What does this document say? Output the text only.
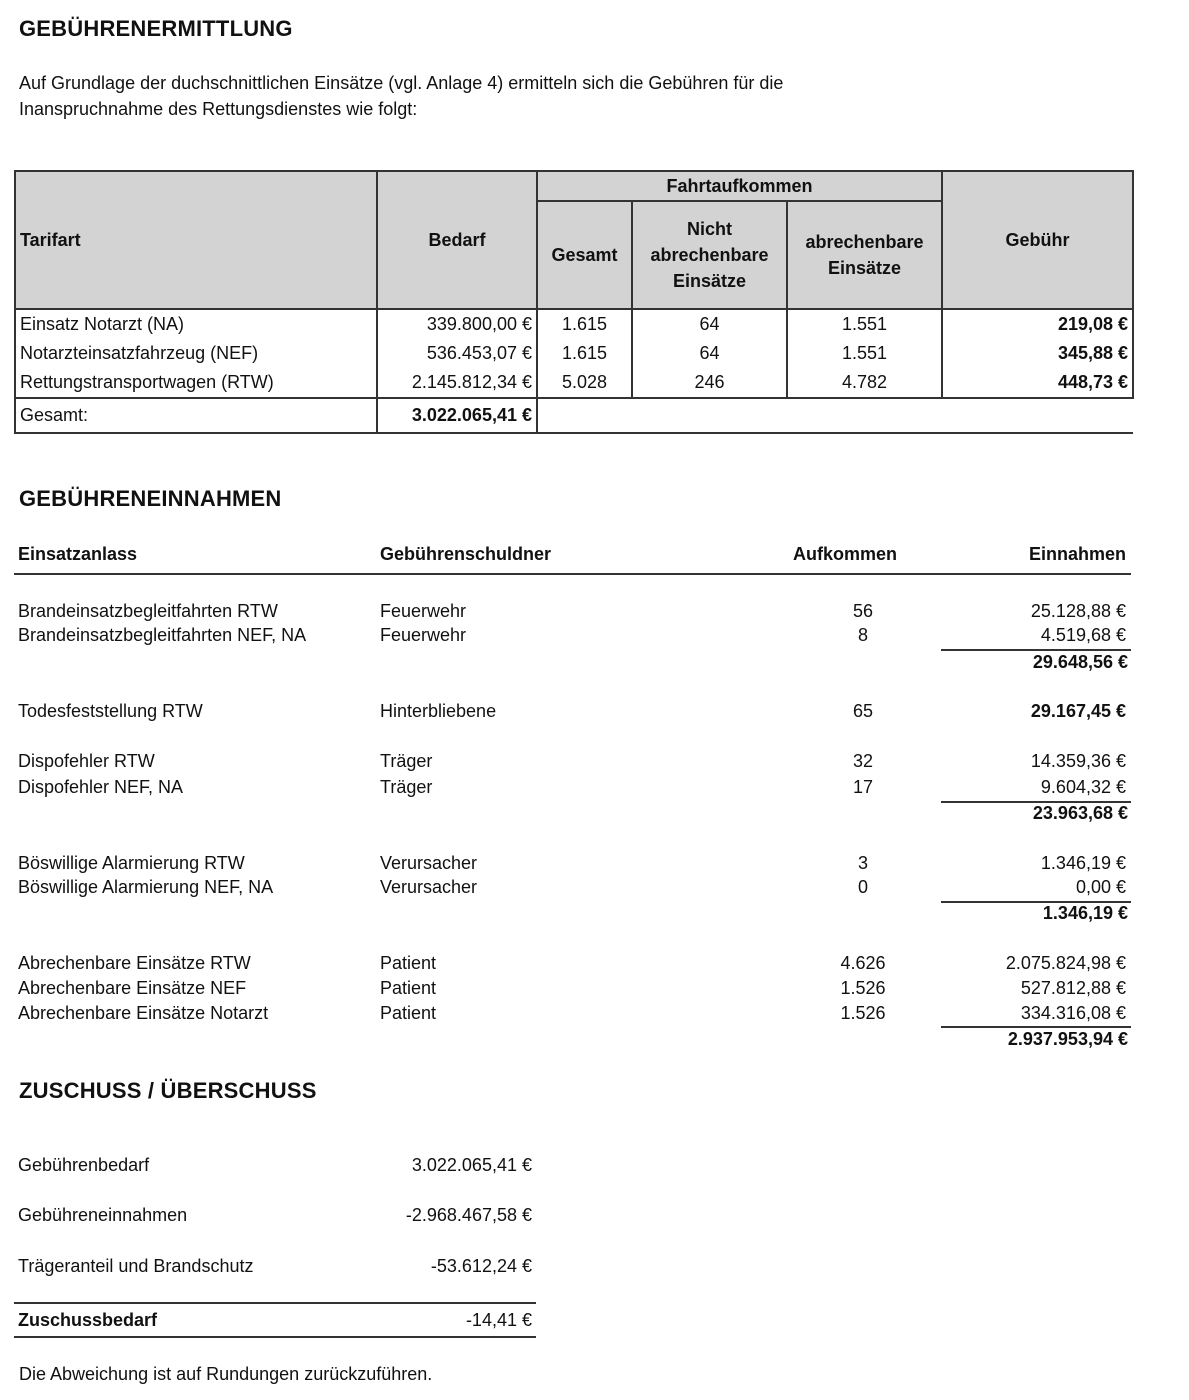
GEBÜHRENERMITTLUNG
Auf Grundlage der duchschnittlichen Einsätze (vgl. Anlage 4) ermitteln sich die Gebühren für die
Inanspruchnahme des Rettungsdienstes wie folgt:
Tarifart	Bedarf	Fahrtaufkommen			Gebühr
		Gesamt	Nicht abrechenbare Einsätze	abrechenbare Einsätze	
Einsatz Notarzt (NA)	339.800,00 €	1.615	64	1.551	219,08 €
Notarzteinsatzfahrzeug (NEF)	536.453,07 €	1.615	64	1.551	345,88 €
Rettungstransportwagen (RTW)	2.145.812,34 €	5.028	246	4.782	448,73 €
Gesamt:	3.022.065,41 €				
GEBÜHRENEINNAHMEN
Einsatzanlass	Gebührenschuldner	Aufkommen	Einnahmen
Brandeinsatzbegleitfahrten RTW	Feuerwehr	56	25.128,88 €
Brandeinsatzbegleitfahrten NEF, NA	Feuerwehr	8	4.519,68 €
29.648,56 €
Todesfeststellung RTW	Hinterbliebene	65	29.167,45 €
Dispofehler RTW	Träger	32	14.359,36 €
Dispofehler NEF, NA	Träger	17	9.604,32 €
23.963,68 €
Böswillige Alarmierung RTW	Verursacher	3	1.346,19 €
Böswillige Alarmierung NEF, NA	Verursacher	0	0,00 €
1.346,19 €
Abrechenbare Einsätze RTW	Patient	4.626	2.075.824,98 €
Abrechenbare Einsätze NEF	Patient	1.526	527.812,88 €
Abrechenbare Einsätze Notarzt	Patient	1.526	334.316,08 €
2.937.953,94 €
ZUSCHUSS / ÜBERSCHUSS
Gebührenbedarf	3.022.065,41 €
Gebühreneinnahmen	-2.968.467,58 €
Trägeranteil und Brandschutz	-53.612,24 €
Zuschussbedarf	-14,41 €
Die Abweichung ist auf Rundungen zurückzuführen.
